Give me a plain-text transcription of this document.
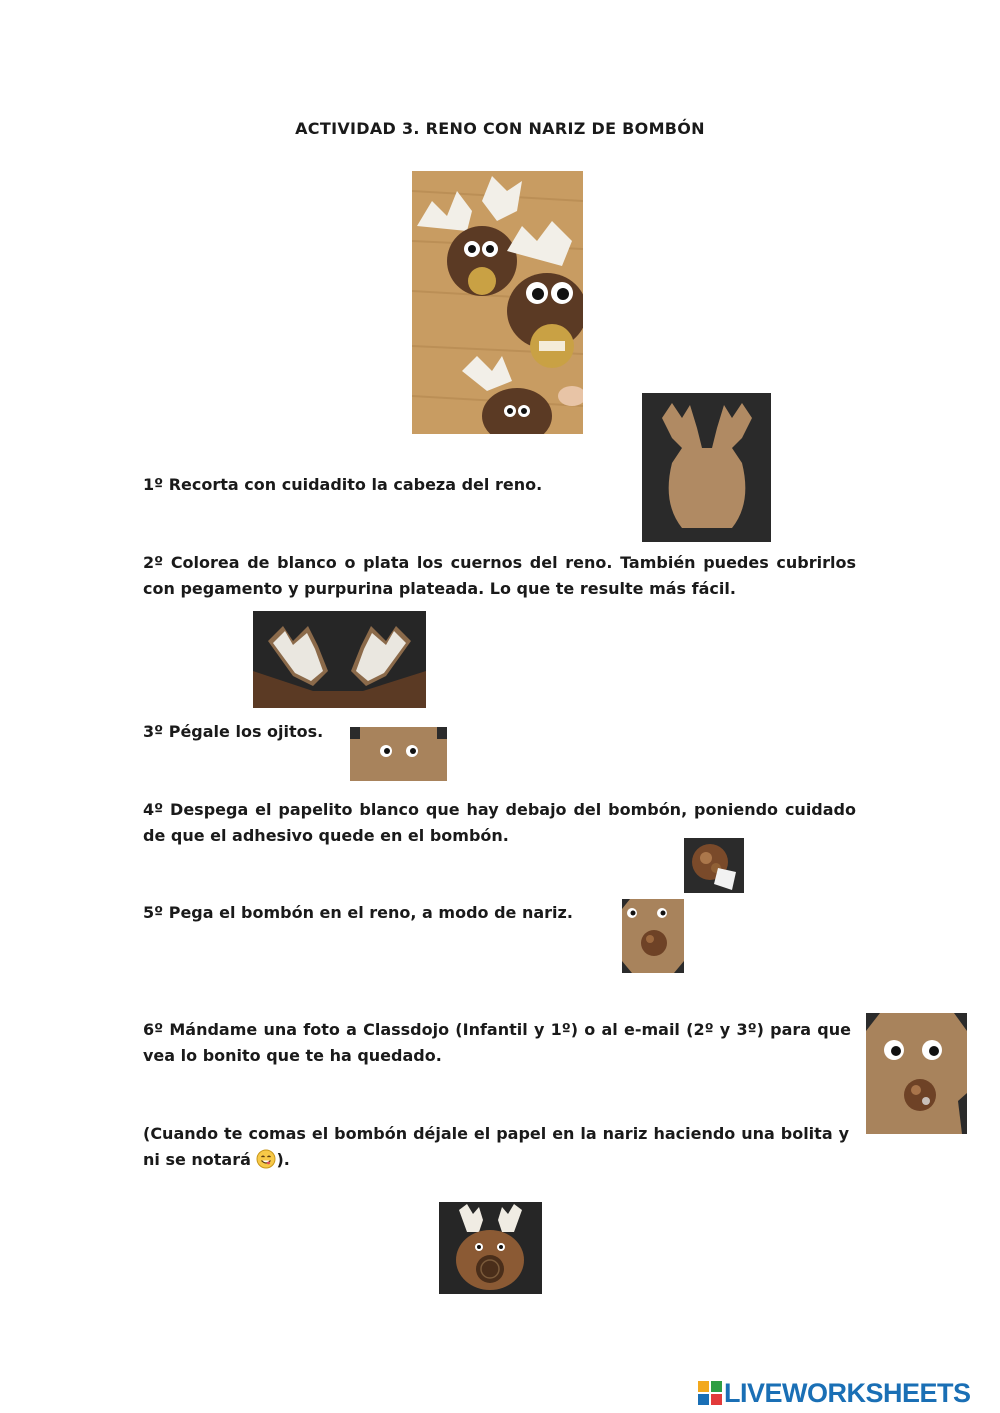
ACTIVIDAD 3. RENO CON NARIZ DE BOMBÓN

1º Recorta con cuidadito la cabeza del reno.

2º Colorea de blanco o plata los cuernos del reno. También puedes cubrirlos con pegamento y purpurina plateada. Lo que te resulte más fácil.

3º Pégale los ojitos.

4º Despega el papelito blanco que hay debajo del bombón, poniendo cuidado de que el adhesivo quede en el bombón.

5º Pega el bombón en el reno, a modo de nariz.

6º Mándame una foto a Classdojo (Infantil y 1º) o al e-mail (2º y 3º) para que vea lo bonito que te ha quedado.

(Cuando te comas el bombón déjale el papel en la nariz haciendo una bolita y ni se notará ).

LIVEWORKSHEETS
